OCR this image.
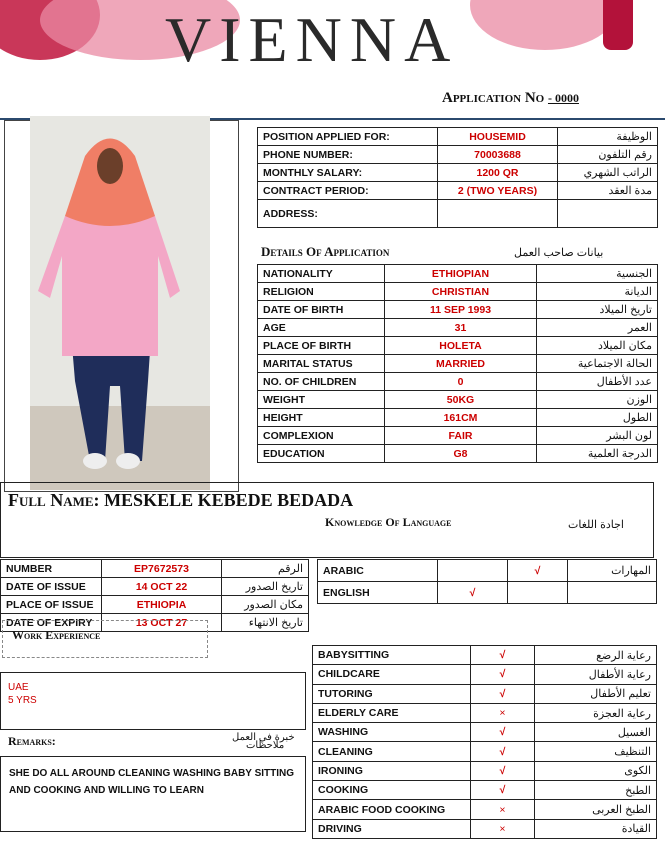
VIENNA
Application No - 0000
POSITION APPLIED FOR:	HOUSEMID	الوظيفة
PHONE NUMBER:	70003688	رقم التلفون
MONTHLY SALARY:	1200 QR	الراتب الشهري
CONTRACT PERIOD:	2 (TWO YEARS)	مدة العقد
ADDRESS:		
Details Of Application	بيانات صاحب العمل
NATIONALITY	ETHIOPIAN	الجنسية
RELIGION	CHRISTIAN	الديانة
DATE OF BIRTH	11 SEP 1993	تاريخ الميلاد
AGE	31	العمر
PLACE OF BIRTH	HOLETA	مكان الميلاد
MARITAL STATUS	MARRIED	الحالة الاجتماعية
NO. OF CHILDREN	0	عدد الأطفال
WEIGHT	50KG	الوزن
HEIGHT	161CM	الطول
COMPLEXION	FAIR	لون البشر
EDUCATION	G8	الدرجة العلمية
Full Name: MESKELE KEBEDE BEDADA
Knowledge Of Language	اجادة اللغات
ARABIC		√	المهارات
ENGLISH	√		
NUMBER	EP7672573	الرقم
DATE OF ISSUE	14 OCT 22	تاريخ الصدور
PLACE OF ISSUE	ETHIOPIA	مكان الصدور
DATE OF EXPIRY	13 OCT 27	تاريخ الانتهاء
Work Experience
UAE
5 YRS
Remarks:	خبرة في العمل
ملاحظات
SHE DO ALL AROUND CLEANING WASHING BABY SITTING AND COOKING AND WILLING TO LEARN
BABYSITTING	√	رعاية الرضع
CHILDCARE	√	رعاية الأطفال
TUTORING	√	تعليم الأطفال
ELDERLY CARE	×	رعاية العجزة
WASHING	√	الغسيل
CLEANING	√	التنظيف
IRONING	√	الكوى
COOKING	√	الطبخ
ARABIC FOOD COOKING	×	الطبخ العربى
DRIVING	×	القيادة
